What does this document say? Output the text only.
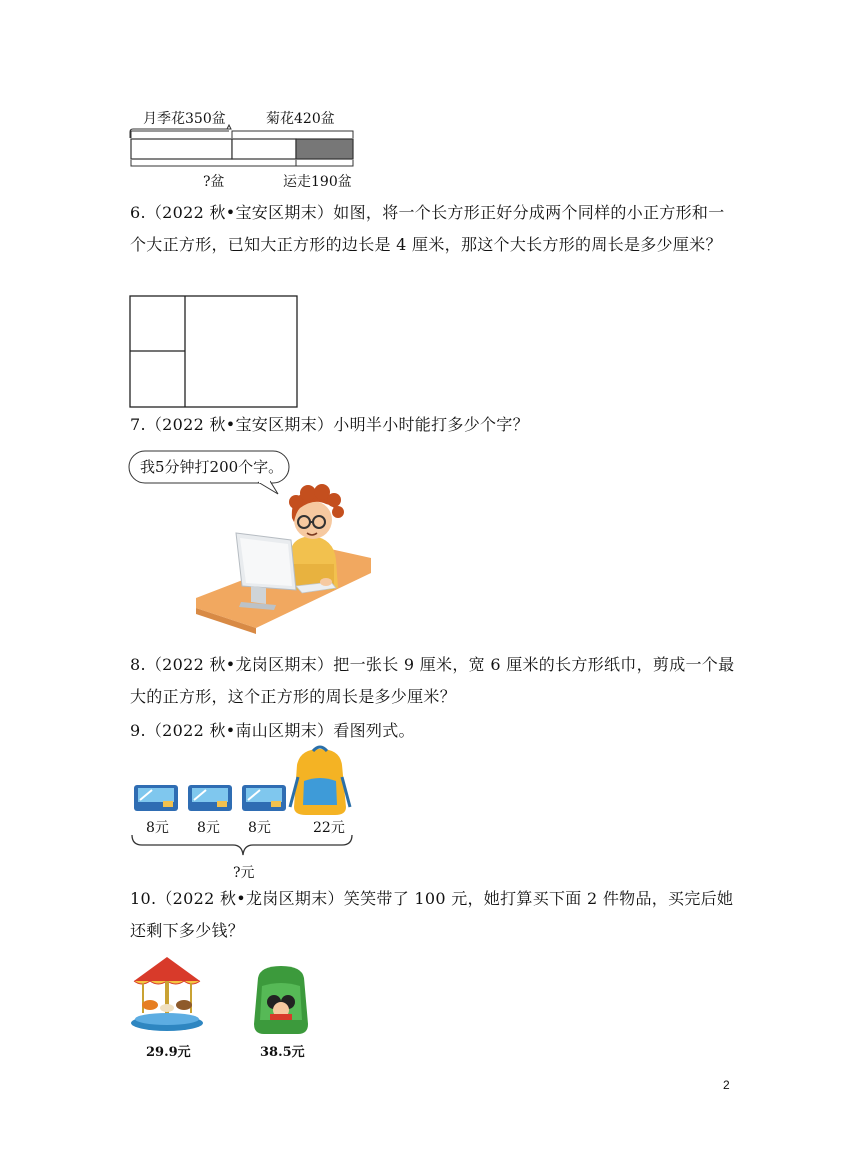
月季花350盆	菊花420盆
?盆	运走190盆
6.（2022 秋•宝安区期末）如图，将一个长方形正好分成两个同样的小正方形和一个大正方形，已知大正方形的边长是 4 厘米，那这个大长方形的周长是多少厘米？
7.（2022 秋•宝安区期末）小明半小时能打多少个字？
我5分钟打200个字。
8.（2022 秋•龙岗区期末）把一张长 9 厘米，宽 6 厘米的长方形纸巾，剪成一个最大的正方形，这个正方形的周长是多少厘米？
9.（2022 秋•南山区期末）看图列式。
8元 8元 8元	22元
?元
10.（2022 秋•龙岗区期末）笑笑带了 100 元，她打算买下面 2 件物品，买完后她还剩下多少钱？
29.9元	38.5元
2
